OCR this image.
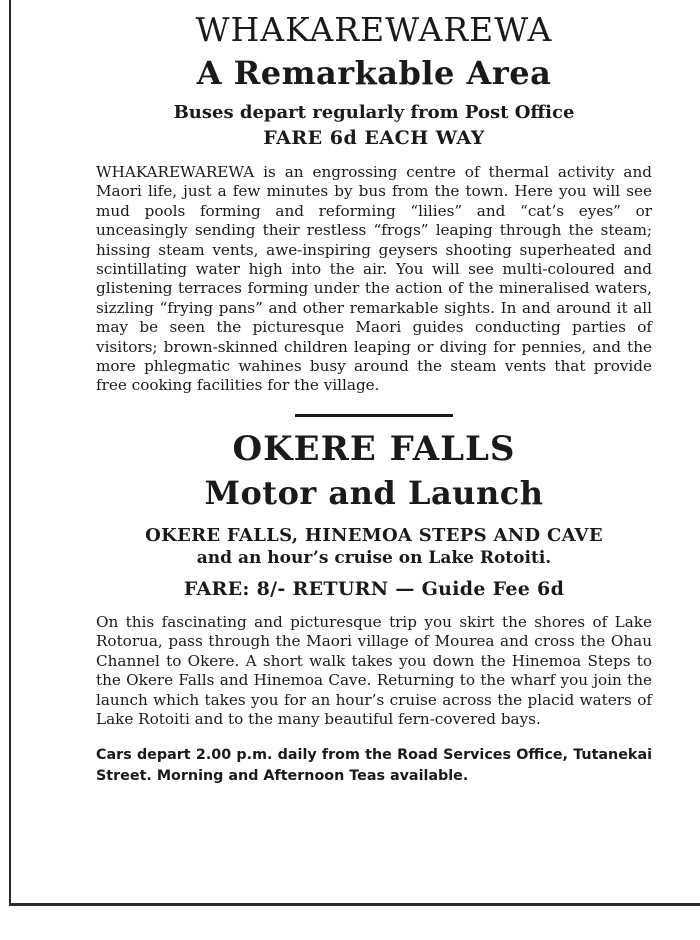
WHAKAREWAREWA
A Remarkable Area
Buses depart regularly from Post Office
FARE 6d EACH WAY

WHAKAREWAREWA is an engrossing centre of thermal activity and Maori life, just a few minutes by bus from the town. Here you will see mud pools forming and reforming “lilies” and “cat’s eyes” or unceasingly sending their restless “frogs” leaping through the steam; hissing steam vents, awe-inspiring geysers shooting superheated and scintillating water high into the air. You will see multi-coloured and glistening terraces forming under the action of the mineralised waters, sizzling “frying pans” and other remarkable sights. In and around it all may be seen the picturesque Maori guides conducting parties of visitors; brown-skinned children leaping or diving for pennies, and the more phlegmatic wahines busy around the steam vents that provide free cooking facilities for the village.

OKERE FALLS
Motor and Launch
OKERE FALLS, HINEMOA STEPS AND CAVE
and an hour’s cruise on Lake Rotoiti.
FARE: 8/- RETURN — Guide Fee 6d

On this fascinating and picturesque trip you skirt the shores of Lake Rotorua, pass through the Maori village of Mourea and cross the Ohau Channel to Okere. A short walk takes you down the Hinemoa Steps to the Okere Falls and Hinemoa Cave. Returning to the wharf you join the launch which takes you for an hour’s cruise across the placid waters of Lake Rotoiti and to the many beautiful fern-covered bays.

Cars depart 2.00 p.m. daily from the Road Services Office, Tutanekai Street. Morning and Afternoon Teas available.
